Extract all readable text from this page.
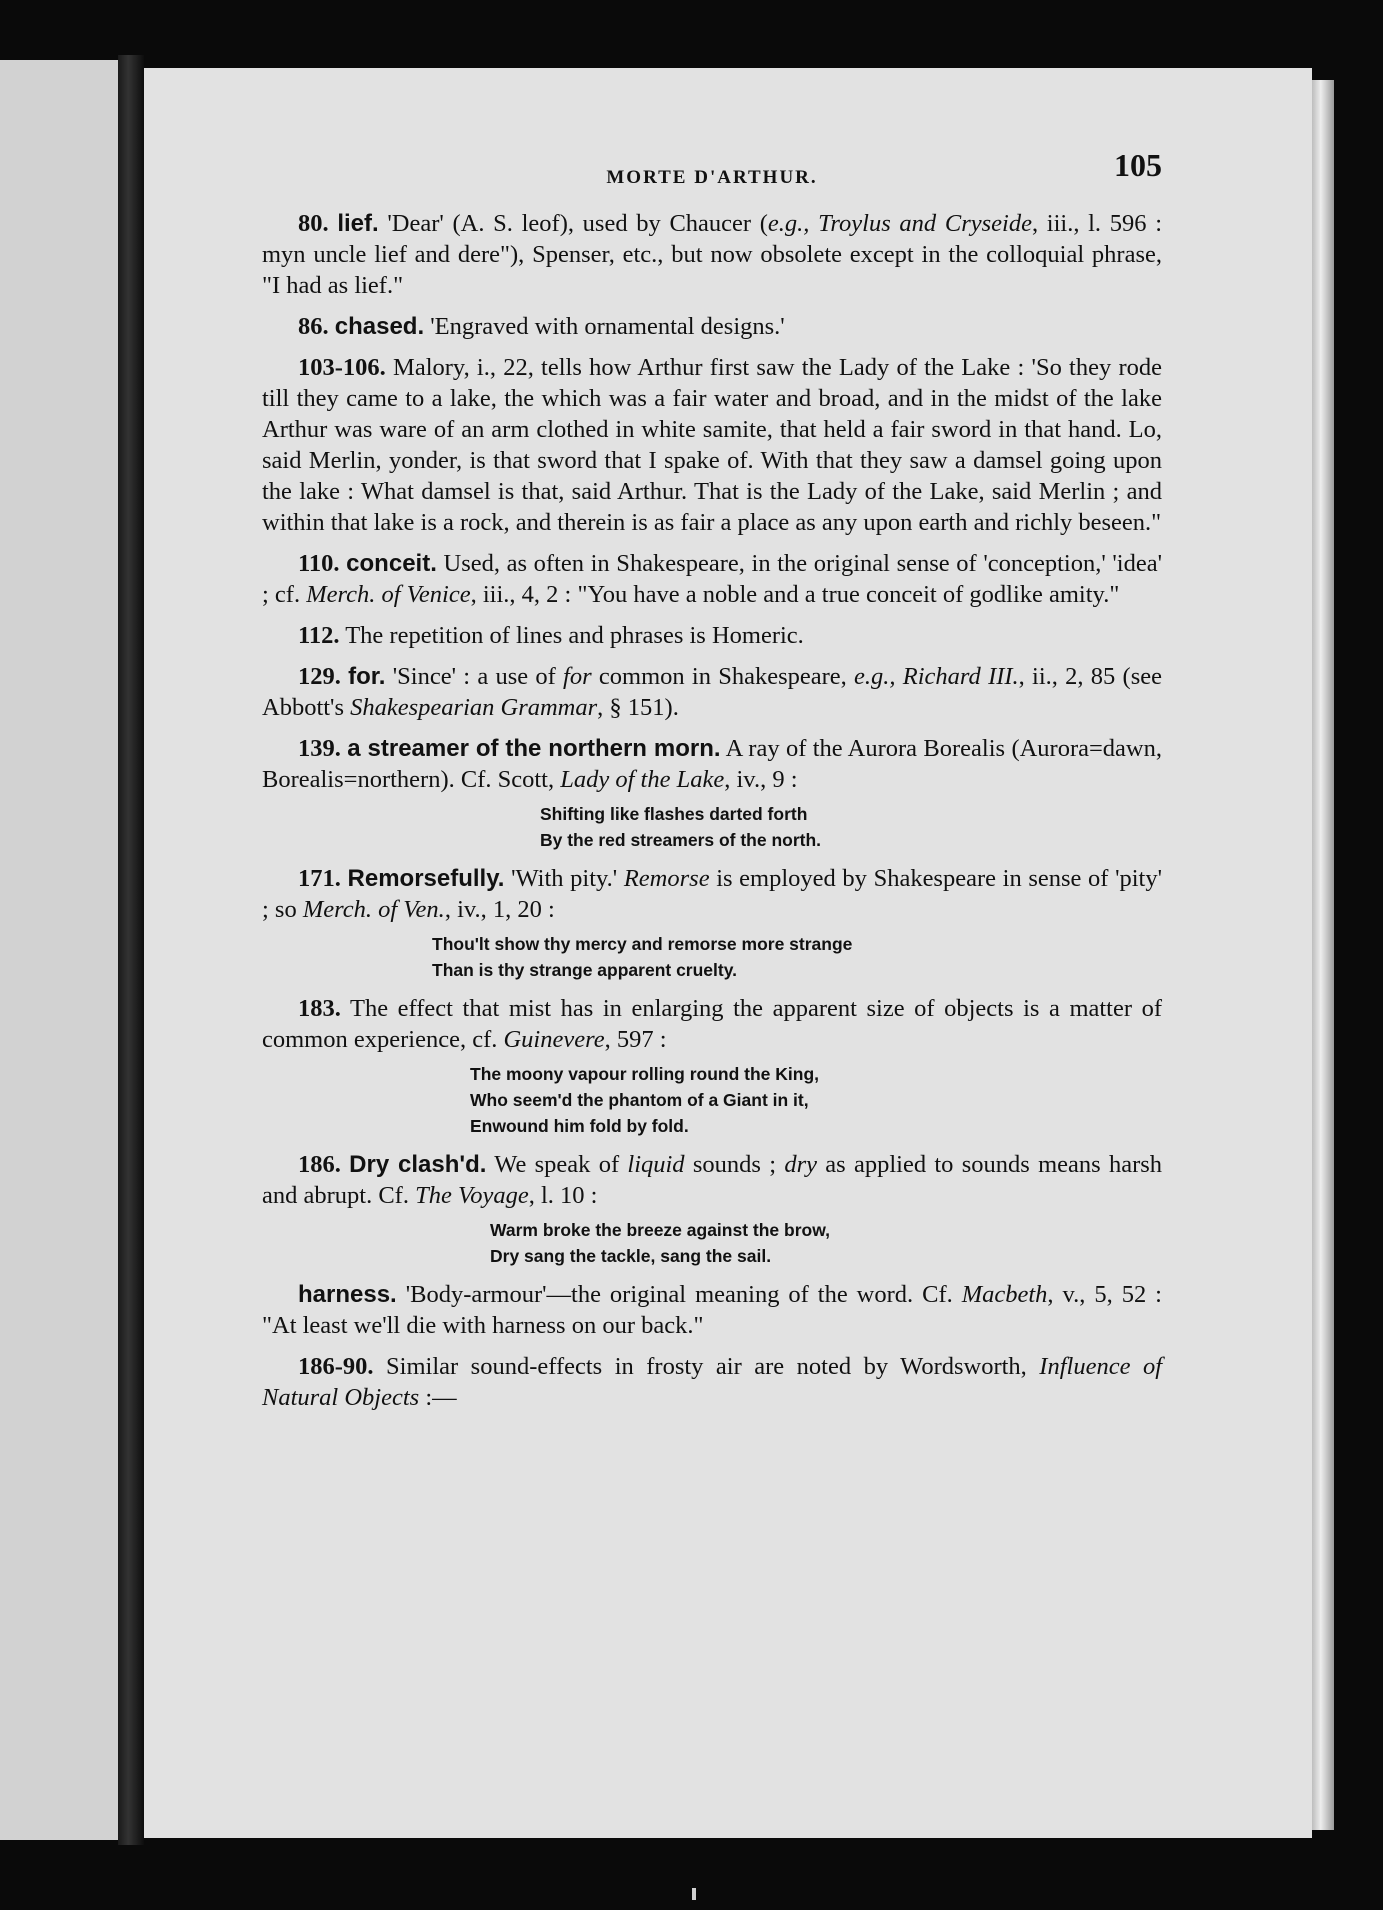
MORTE D'ARTHUR.	105

80. lief. 'Dear' (A. S. leof), used by Chaucer (e.g., Troylus and Cryseide, iii., l. 596 : myn uncle lief and dere"), Spenser, etc., but now obsolete except in the colloquial phrase, "I had as lief."

86. chased. 'Engraved with ornamental designs.'

103-106. Malory, i., 22, tells how Arthur first saw the Lady of the Lake : 'So they rode till they came to a lake, the which was a fair water and broad, and in the midst of the lake Arthur was ware of an arm clothed in white samite, that held a fair sword in that hand. Lo, said Merlin, yonder, is that sword that I spake of. With that they saw a damsel going upon the lake : What damsel is that, said Arthur. That is the Lady of the Lake, said Merlin ; and within that lake is a rock, and therein is as fair a place as any upon earth and richly beseen."

110. conceit. Used, as often in Shakespeare, in the original sense of 'conception,' 'idea' ; cf. Merch. of Venice, iii., 4, 2 : "You have a noble and a true conceit of godlike amity."

112. The repetition of lines and phrases is Homeric.

129. for. 'Since' : a use of for common in Shakespeare, e.g., Richard III., ii., 2, 85 (see Abbott's Shakespearian Grammar, § 151).

139. a streamer of the northern morn. A ray of the Aurora Borealis (Aurora=dawn, Borealis=northern). Cf. Scott, Lady of the Lake, iv., 9 :

Shifting like flashes darted forth
By the red streamers of the north.

171. Remorsefully. 'With pity.' Remorse is employed by Shakespeare in sense of 'pity' ; so Merch. of Ven., iv., 1, 20 :

Thou'lt show thy mercy and remorse more strange
Than is thy strange apparent cruelty.

183. The effect that mist has in enlarging the apparent size of objects is a matter of common experience, cf. Guinevere, 597 :

The moony vapour rolling round the King,
Who seem'd the phantom of a Giant in it,
Enwound him fold by fold.

186. Dry clash'd. We speak of liquid sounds ; dry as applied to sounds means harsh and abrupt. Cf. The Voyage, l. 10 :

Warm broke the breeze against the brow,
Dry sang the tackle, sang the sail.

harness. 'Body-armour'—the original meaning of the word. Cf. Macbeth, v., 5, 52 : "At least we'll die with harness on our back."

186-90. Similar sound-effects in frosty air are noted by Wordsworth, Influence of Natural Objects :—
